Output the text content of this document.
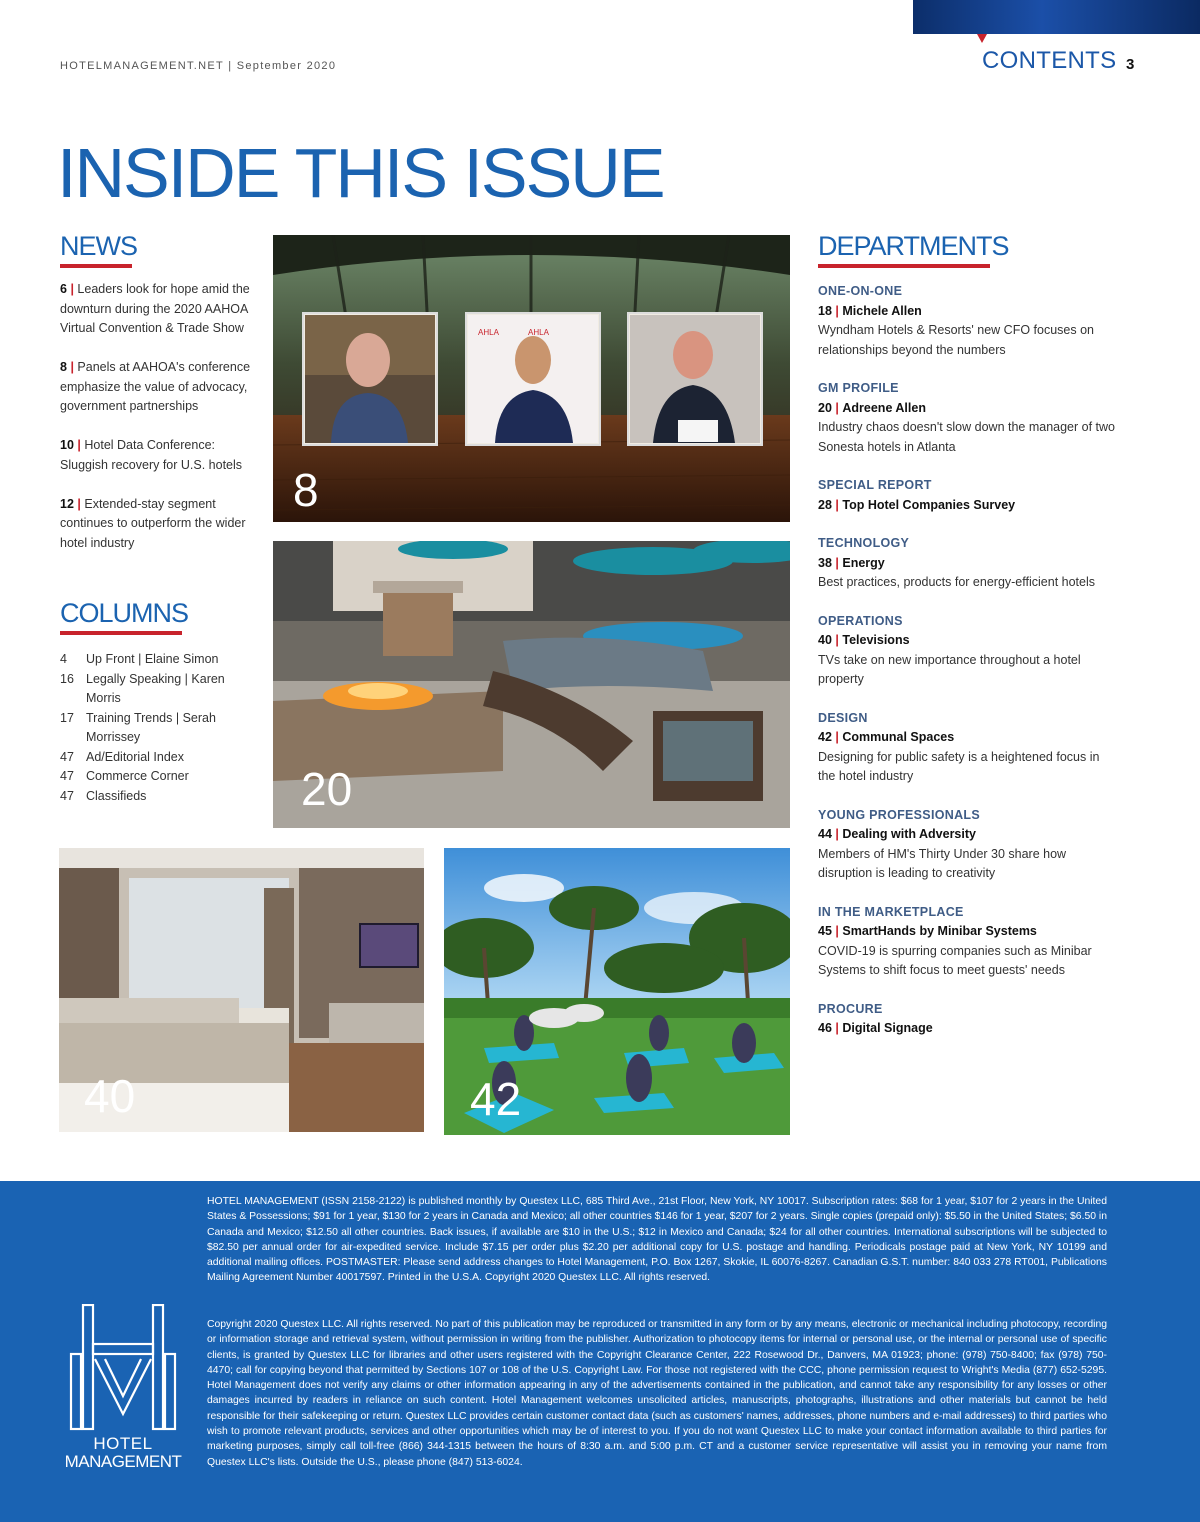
HOTELMANAGEMENT.NET | September 2020	CONTENTS 3
INSIDE THIS ISSUE
NEWS
6 | Leaders look for hope amid the downturn during the 2020 AAHOA Virtual Convention & Trade Show
8 | Panels at AAHOA's conference emphasize the value of advocacy, government partnerships
10 | Hotel Data Conference: Sluggish recovery for U.S. hotels
12 | Extended-stay segment continues to outperform the wider hotel industry
COLUMNS
4	Up Front | Elaine Simon
16 Legally Speaking | Karen Morris
17 Training Trends | Serah Morrissey
47 Ad/Editorial Index
47 Commerce Corner
47 Classifieds
AHLA	AHLA
8
20
40	42
DEPARTMENTS
ONE-ON-ONE
18 | Michele Allen
Wyndham Hotels & Resorts' new CFO focuses on relationships beyond the numbers
GM PROFILE
20 | Adreene Allen
Industry chaos doesn't slow down the manager of two Sonesta hotels in Atlanta
SPECIAL REPORT
28 | Top Hotel Companies Survey
TECHNOLOGY
38 | Energy
Best practices, products for energy-efficient hotels
OPERATIONS
40 | Televisions
TVs take on new importance throughout a hotel property
DESIGN
42 | Communal Spaces
Designing for public safety is a heightened focus in the hotel industry
YOUNG PROFESSIONALS
44 | Dealing with Adversity
Members of HM's Thirty Under 30 share how disruption is leading to creativity
IN THE MARKETPLACE
45 | SmartHands by Minibar Systems
COVID-19 is spurring companies such as Minibar Systems to shift focus to meet guests' needs
PROCURE
46 | Digital Signage

HOTEL MANAGEMENT (ISSN 2158-2122) is published monthly by Questex LLC, 685 Third Ave., 21st Floor, New York, NY 10017. Subscription rates: $68 for 1 year, $107 for 2 years in the United States & Possessions; $91 for 1 year, $130 for 2 years in Canada and Mexico; all other countries $146 for 1 year, $207 for 2 years. Single copies (prepaid only): $5.50 in the United States; $6.50 in Canada and Mexico; $12.50 all other countries. Back issues, if available are $10 in the U.S.; $12 in Mexico and Canada; $24 for all other countries. International subscriptions will be subjected to $82.50 per annual order for air-expedited service. Include $7.15 per order plus $2.20 per additional copy for U.S. postage and handling. Periodicals postage paid at New York, NY 10199 and additional mailing offices. POSTMASTER: Please send address changes to Hotel Management, P.O. Box 1267, Skokie, IL 60076-8267. Canadian G.S.T. number: 840 033 278 RT001, Publications Mailing Agreement Number 40017597. Printed in the U.S.A. Copyright 2020 Questex LLC. All rights reserved.

Copyright 2020 Questex LLC. All rights reserved. No part of this publication may be reproduced or transmitted in any form or by any means, electronic or mechanical including photocopy, recording or information storage and retrieval system, without permission in writing from the publisher. Authorization to photocopy items for internal or personal use, or the internal or personal use of specific clients, is granted by Questex LLC for libraries and other users registered with the Copyright Clearance Center, 222 Rosewood Dr., Danvers, MA 01923; phone: (978) 750-8400; fax (978) 750-4470; call for copying beyond that permitted by Sections 107 or 108 of the U.S. Copyright Law. For those not registered with the CCC, phone permission request to Wright's Media (877) 652-5295. Hotel Management does not verify any claims or other information appearing in any of the advertisements contained in the publication, and cannot take any responsibility for any losses or other damages incurred by readers in reliance on such content. Hotel Management welcomes unsolicited articles, manuscripts, photographs, illustrations and other materials but cannot be held responsible for their safekeeping or return. Questex LLC provides certain customer contact data (such as customers' names, addresses, phone numbers and e-mail addresses) to third parties who wish to promote relevant products, services and other opportunities which may be of interest to you. If you do not want Questex LLC to make your contact information available to third parties for marketing purposes, simply call toll-free (866) 344-1315 between the hours of 8:30 a.m. and 5:00 p.m. CT and a customer service representative will assist you in removing your name from Questex LLC's lists. Outside the U.S., please phone (847) 513-6024.

HOTEL
MANAGEMENT
